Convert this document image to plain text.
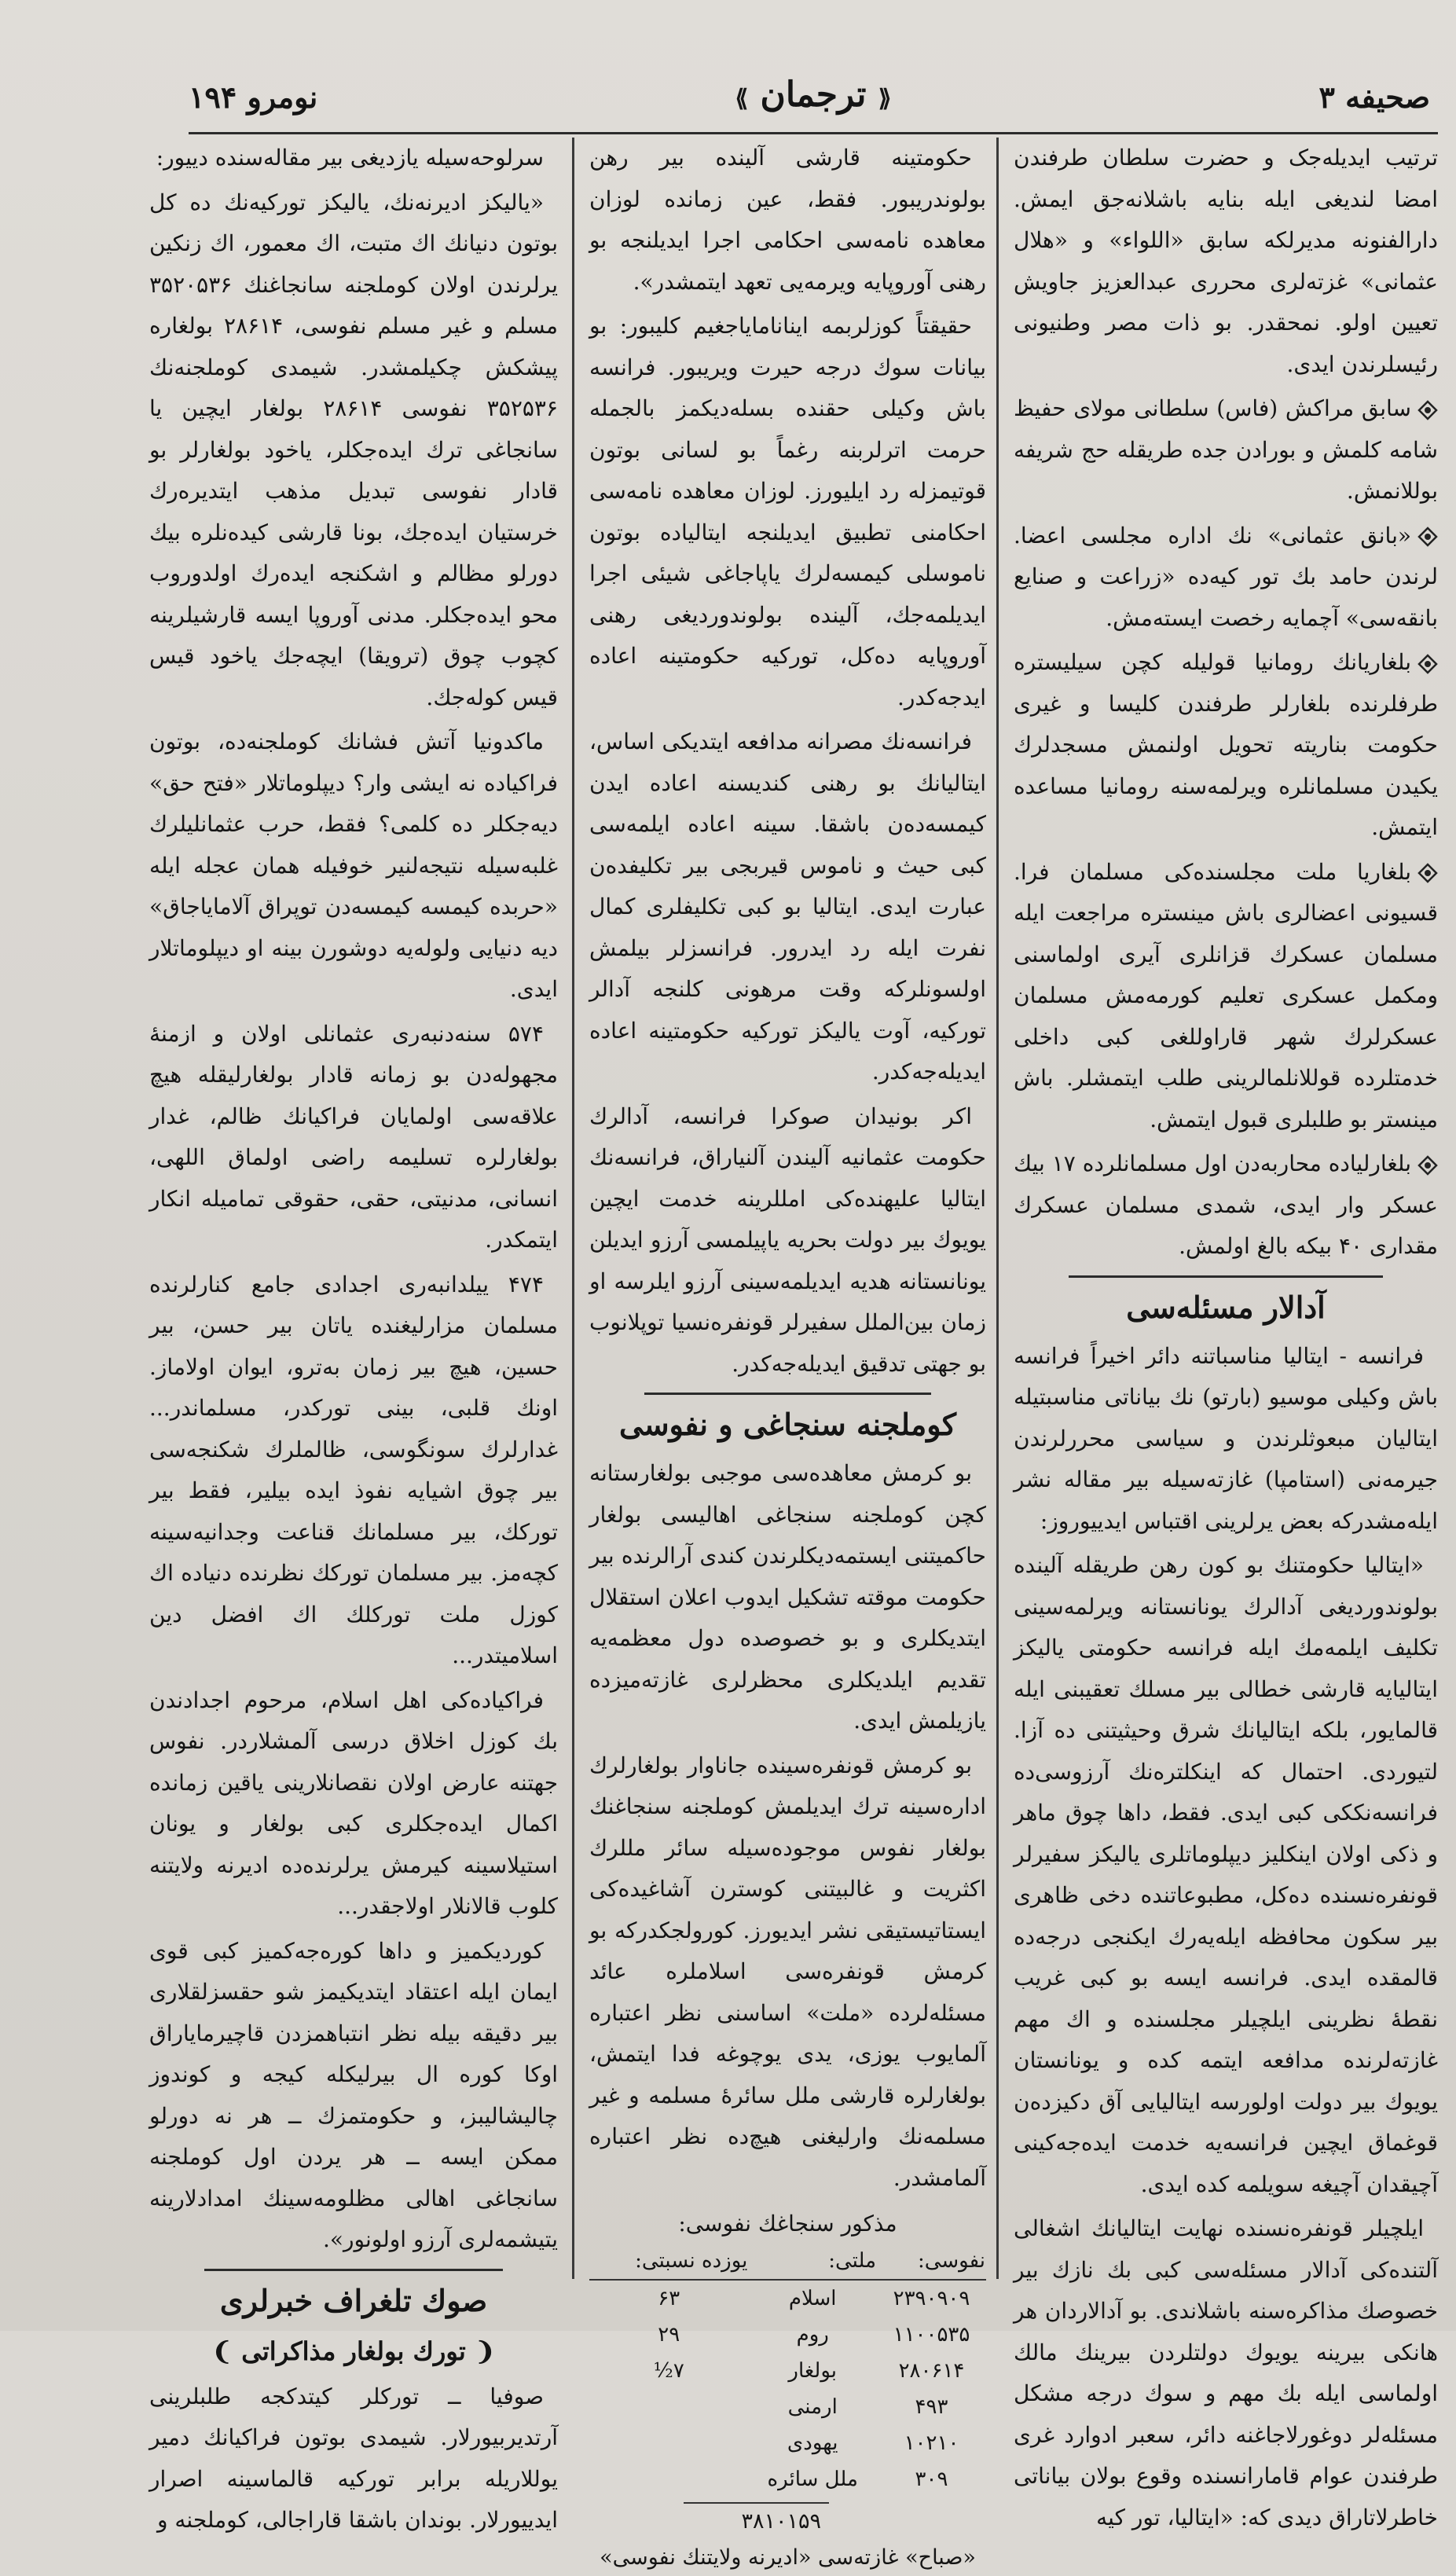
صحیفه ۳
⟪ ترجمان ⟫
نومرو ۱۹۴

ترتیب ایدیله‌جک و حضرت سلطان طرفندن امضا لندیغی ایله بنایه باشلانه‌جق ایمش. دارالفنونه مدیرلکه سابق «اللواء» و «هلال عثمانی» غزته‌لری محرری عبدالعزیز جاویش تعیین اولو. نمحقدر. بو ذات مصر وطنیونی رئیسلرندن ایدی.

سابق مراکش (فاس) سلطانی مولای حفیظ شامه کلمش و بورادن جده طریقله حج شریفه بوللانمش.

«بانق عثمانی» نك اداره مجلسی اعضا. لرندن حامد بك تور کیه‌ده «زراعت و صنایع بانقه‌سی» آچمایه رخصت ایسته‌مش.

بلغاریانك رومانیا قولیله کچن سیلیستره طرفلرنده بلغارلر طرفندن کلیسا و غیری حکومت بناریته تحویل اولنمش مسجدلرك یکیدن مسلمانلره ویرلمه‌سنه رومانیا مساعده ایتمش.

بلغاریا ملت مجلسنده‌کی مسلمان فرا. قسیونی اعضالری باش مینستره مراجعت ایله مسلمان عسکرك قزانلری آیری اولماسنی ومکمل عسکری تعلیم کورمه‌مش مسلمان عسکرلرك شهر قاراوللغی کبی داخلی خدمتلرده قوللانلمالرینی طلب ایتمشلر. باش مینستر بو طلبلری قبول ایتمش.

بلغارلیاده محاربه‌دن اول مسلمانلرده ۱۷ بیك عسکر وار ایدی، شمدی مسلمان عسکرك مقداری ۴۰ بیکه بالغ اولمش.

آدالار مسئله‌سی

فرانسه - ایتالیا مناسباتنه دائر اخیراً فرانسه باش وکیلی موسیو (بارتو) نك بیاناتی مناسبتیله ایتالیان مبعوثلرندن و سیاسی محررلرندن جیرمه‌نی (استامپا) غازته‌سیله بیر مقاله نشر ایله‌مشدرکه بعض یرلرینی اقتباس ایدییوروز:

«ایتالیا حکومتنك بو کون رهن طریقله آلینده بولوندوردیغی آدالرك یونانستانه ویرلمه‌سینی تکلیف ایلمه‌مك ایله فرانسه حکومتی یالیکز ایتالیایه قارشی خطالی بیر مسلك تعقیبنی ایله قالمایور، بلکه ایتالیانك شرق وحیثیتنی ده آزا. لتیوردی. احتمال که اینکلتره‌نك آرزوسی‌ده فرانسه‌نککی کبی ایدی. فقط، داها چوق ماهر و ذکی اولان اینکلیز دیپلوماتلری یالیکز سفیرلر قونفره‌نسنده ده‌کل، مطبوعاتنده دخی ظاهری بیر سکون محافظه ایله‌یه‌رك ایکنجی درجه‌ده قالمقده ایدی. فرانسه ایسه بو کبی غریب نقطهٔ نظرینی ایلچیلر مجلسنده و اك مهم غازته‌لرنده مدافعه ایتمه کده و یونانستان یویوك بیر دولت اولورسه ایتالیایی آق دکیزده‌ن قوغماق ایچین فرانسه‌یه خدمت ایده‌جه‌کینی آچیقدان آچیغه سویلمه کده ایدی.

ایلچیلر قونفره‌نسنده نهایت ایتالیانك اشغالی آلتنده‌کی آدالار مسئله‌سی کبی بك نازك بیر خصوصك مذاکره‌سنه باشلاندی. بو آدالاردان هر هانکی بیرینه یویوك دولتلردن بیرینك مالك اولماسی ایله بك مهم و سوك درجه مشکل مسئله‌لر دوغورلاجاغنه دائر، سعبر ادوارد غری طرفندن عوام قامارانسنده وقوع بولان بیاناتی خاطرلاتاراق دیدی که: «ایتالیا، تور کیه

حکومتینه قارشی آلینده بیر رهن بولوندریبور. فقط، عین زمانده لوزان معاهده نامه‌سی احکامی اجرا ایدیلنجه بو رهنی آوروپایه ویرمه‌یی تعهد ایتمشدر».

حقیقتاً کوزلربمه اینانامایاجغیم کلیبور: بو بیانات سوك درجه حیرت ویریبور. فرانسه باش وکیلی حقنده بسله‌دیکمز بالجمله حرمت اترلربنه رغماً بو لسانی بوتون قوتیمزله رد ایلیورز. لوزان معاهده نامه‌سی احکامنی تطبیق ایدیلنجه ایتالیاده بوتون ناموسلی کیمسه‌لرك یاپاجاغی شیئی اجرا ایدیلمه‌جك، آلینده بولوندوردیغی رهنی آوروپایه ده‌کل، تورکیه حکومتینه اعاده ایدجه‌کدر.

فرانسه‌نك مصرانه مدافعه ایتدیکی اساس، ایتالیانك بو رهنی کندیسنه اعاده ایدن کیمسه‌ده‌ن باشقا. سینه اعاده ایلمه‌سی کبی حیث و ناموس قیربجی بیر تکلیفده‌ن عبارت ایدی. ایتالیا بو کبی تکلیفلری کمال نفرت ایله رد ایدرور. فرانسزلر بیلمش اولسونلرکه وقت مرهونی کلنجه آدالر تورکیه، آوت یالیکز تورکیه حکومتینه اعاده ایدیله‌جه‌کدر.

اکر بونیدان صوکرا فرانسه، آدالرك حکومت عثمانیه آلیندن آلنیاراق، فرانسه‌نك ایتالیا علیهنده‌کی امللرینه خدمت ایچین یویوك بیر دولت بحریه یاپیلمسی آرزو ایدیلن یونانستانه هدیه ایدیلمه‌سینی آرزو ایلرسه او زمان بین‌الملل سفیرلر قونفره‌نسیا توپلانوب بو جهتی تدقیق ایدیله‌جه‌کدر.

کوملجنه سنجاغی و نفوسی

بو کرمش معاهده‌سی موجبی بولغارستانه کچن کوملجنه سنجاغی اهالیسی بولغار حاکمیتنی ایستمه‌دیکلرندن کندی آرالرنده بیر حکومت موقته تشکیل ایدوب اعلان استقلال ایتدیکلری و بو خصوصده دول معظمه‌یه تقدیم ایلدیکلری محظرلری غازته‌میزده یازیلمش ایدی.

بو کرمش قونفره‌سینده جاناوار بولغارلرك اداره‌سینه ترك ایدیلمش کوملجنه سنجاغنك بولغار نفوس موجوده‌سیله سائر مللرك اکثریت و غالبیتنی کوسترن آشاغیده‌کی ایستاتیستیقی نشر ایدیورز. کورولجکدرکه بو کرمش قونفره‌سی اسلاملره عائد مسئله‌لرده «ملت» اساسنی نظر اعتباره آلمایوب یوزی، یدی یوچوغه فدا ایتمش، بولغارلره قارشی ملل سائرهٔ مسلمه و غیر مسلمه‌نك وارلیغنی هیچ‌ده نظر اعتباره آلمامشدر.

مذکور سنجاغك نفوسی:
نفوسی:	ملتی:	یوزده نسبتی:
۲۳۹۰۹۰۹	اسلام	۶۳
۱۱۰۰۵۳۵	روم	۲۹
۲۸۰۶۱۴	بولغار	۷½
۴۹۳	ارمنی	
۱۰۲۱۰	یهودی	
۳۰۹	ملل سائره	
۳۸۱۰۱۵۹
«صباح» غازته‌سی «ادیرنه ولایتنك نفوسی»

سرلوحه‌سیله یازدیغی بیر مقاله‌سنده دییور:

«یالیکز ادیرنه‌نك، یالیکز تورکیه‌نك ده کل بوتون دنیانك اك متبت، اك معمور، اك زنکین یرلرندن اولان کوملجنه سانجاغنك ۳۵۲۰۵۳۶ مسلم و غیر مسلم نفوسی، ۲۸۶۱۴ بولغاره پیشکش چکیلمشدر. شیمدی کوملجنه‌نك ۳۵۲۵۳۶ نفوسی ۲۸۶۱۴ بولغار ایچین یا سانجاغی ترك ایده‌جکلر، یاخود بولغارلر بو قادار نفوسی تبدیل مذهب ایتدیره‌رك خرستیان ایده‌جك، بونا قارشی کیده‌نلره بیك دورلو مظالم و اشکنجه ایده‌رك اولدوروب محو ایده‌جکلر. مدنی آوروپا ایسه قارشیلرینه کچوب چوق (ترویقا) ایچه‌جك یاخود قیس قیس کوله‌جك.

ماکدونیا آتش فشانك کوملجنه‌ده، بوتون فراکیاده نه ایشی وار؟ دیپلوماتلار «فتح حق» دیه‌جکلر ده کلمی؟ فقط، حرب عثمانلیلرك غلبه‌سیله نتیجه‌لنیر خوفیله همان عجله ایله «حربده کیمسه کیمسه‌دن توپراق آلامایاجاق» دیه دنیایی ولوله‌یه دوشورن بینه او دیپلوماتلار ایدی.

۵۷۴ سنه‌دنبه‌ری عثمانلی اولان و ازمنهٔ مجهوله‌دن بو زمانه قادار بولغارلیقله هیچ علاقه‌سی اولمایان فراکیانك ظالم، غدار بولغارلره تسلیمه راضی اولماق اللهی، انسانی، مدنیتی، حقی، حقوقی تمامیله انکار ایتمکدر.

۴۷۴ ییلدانبه‌ری اجدادی جامع کنارلرنده مسلمان مزارلیغنده یاتان بیر حسن، بیر حسین، هیچ بیر زمان به‌ترو، ایوان اولاماز. اونك قلبی، بینی تورکدر، مسلماندر... غدارلرك سونگوسی، ظالملرك شکنجه‌سی بیر چوق اشیایه نفوذ ایده بیلیر، فقط بیر تورکك، بیر مسلمانك قناعت وجدانیه‌سینه کچه‌مز. بیر مسلمان تورکك نظرنده دنیاده اك کوزل ملت تورکلك اك افضل دین اسلامیتدر...

فراکیاده‌کی اهل اسلام، مرحوم اجدادندن بك کوزل اخلاق درسی آلمشلاردر. نفوس جهتنه عارض اولان نقصانلارینی یاقین زمانده اکمال ایده‌جکلری کبی بولغار و یونان استیلاسینه کیرمش یرلرنده‌ده ادیرنه ولایتنه کلوب قالانلار اولاجقدر...

کوردیکمیز و داها کوره‌جه‌کمیز کبی قوی ایمان ایله اعتقاد ایتدیکیمز شو حقسزلقلاری بیر دقیقه بیله نظر انتباهمزدن قاچیرمایاراق اوکا کوره ال بیرلیکله کیجه و کوندوز چالیشالیبز، و حکومتمزك ــ هر نه دورلو ممکن ایسه ــ هر یردن اول کوملجنه سانجاغی اهالی مظلومه‌سینك امدادلارینه یتیشمه‌لری آرزو اولونور».

صوك تلغراف خبرلری
❨ تورك بولغار مذاکراتی ❩

صوفیا ــ تورکلر کیتدکجه طلبلرینی آرتدیربیورلار. شیمدی بوتون فراکیانك دمیر یوللاریله برابر تورکیه قالماسینه اصرار ایدییورلار. بوندان باشقا قاراجالی، کوملجنه و
